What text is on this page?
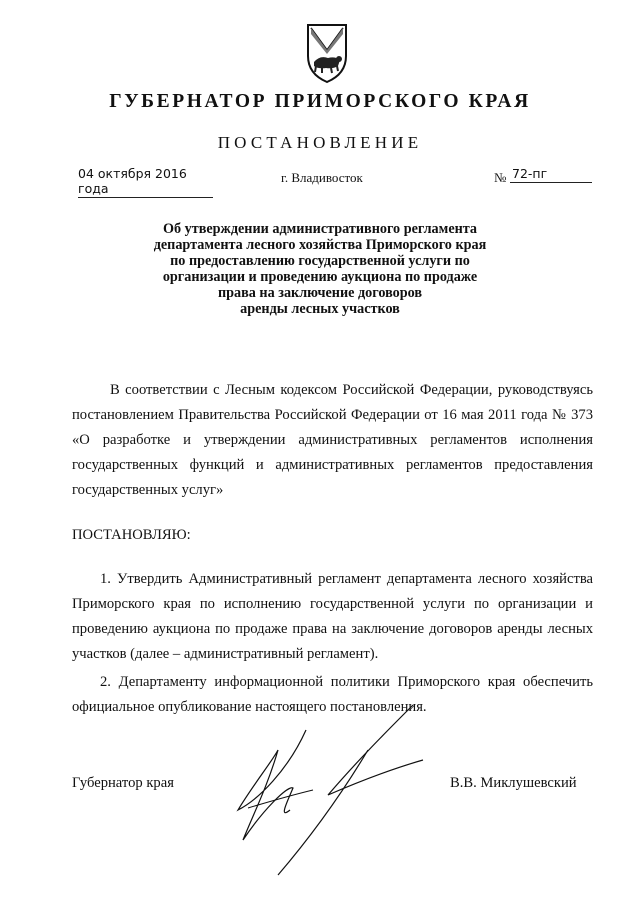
ГУБЕРНАТОР ПРИМОРСКОГО КРАЯ
ПОСТАНОВЛЕНИЕ
04 октября 2016 года
г. Владивосток	№ 72-пг
Об утверждении административного регламента
департамента лесного хозяйства Приморского края
по предоставлению государственной услуги по
организации и проведению аукциона по продаже
права на заключение договоров
аренды лесных участков
В соответствии с Лесным кодексом Российской Федерации, руководствуясь постановлением Правительства Российской Федерации от 16 мая 2011 года № 373 «О разработке и утверждении административных регламентов исполнения государственных функций и административных регламентов предоставления государственных услуг»
ПОСТАНОВЛЯЮ:
1. Утвердить Административный регламент департамента лесного хозяйства Приморского края по исполнению государственной услуги по организации и проведению аукциона по продаже права на заключение договоров аренды лесных участков (далее – административный регламент).
2. Департаменту информационной политики Приморского края обеспечить официальное опубликование настоящего постановления.
Губернатор края	В.В. Миклушевский
